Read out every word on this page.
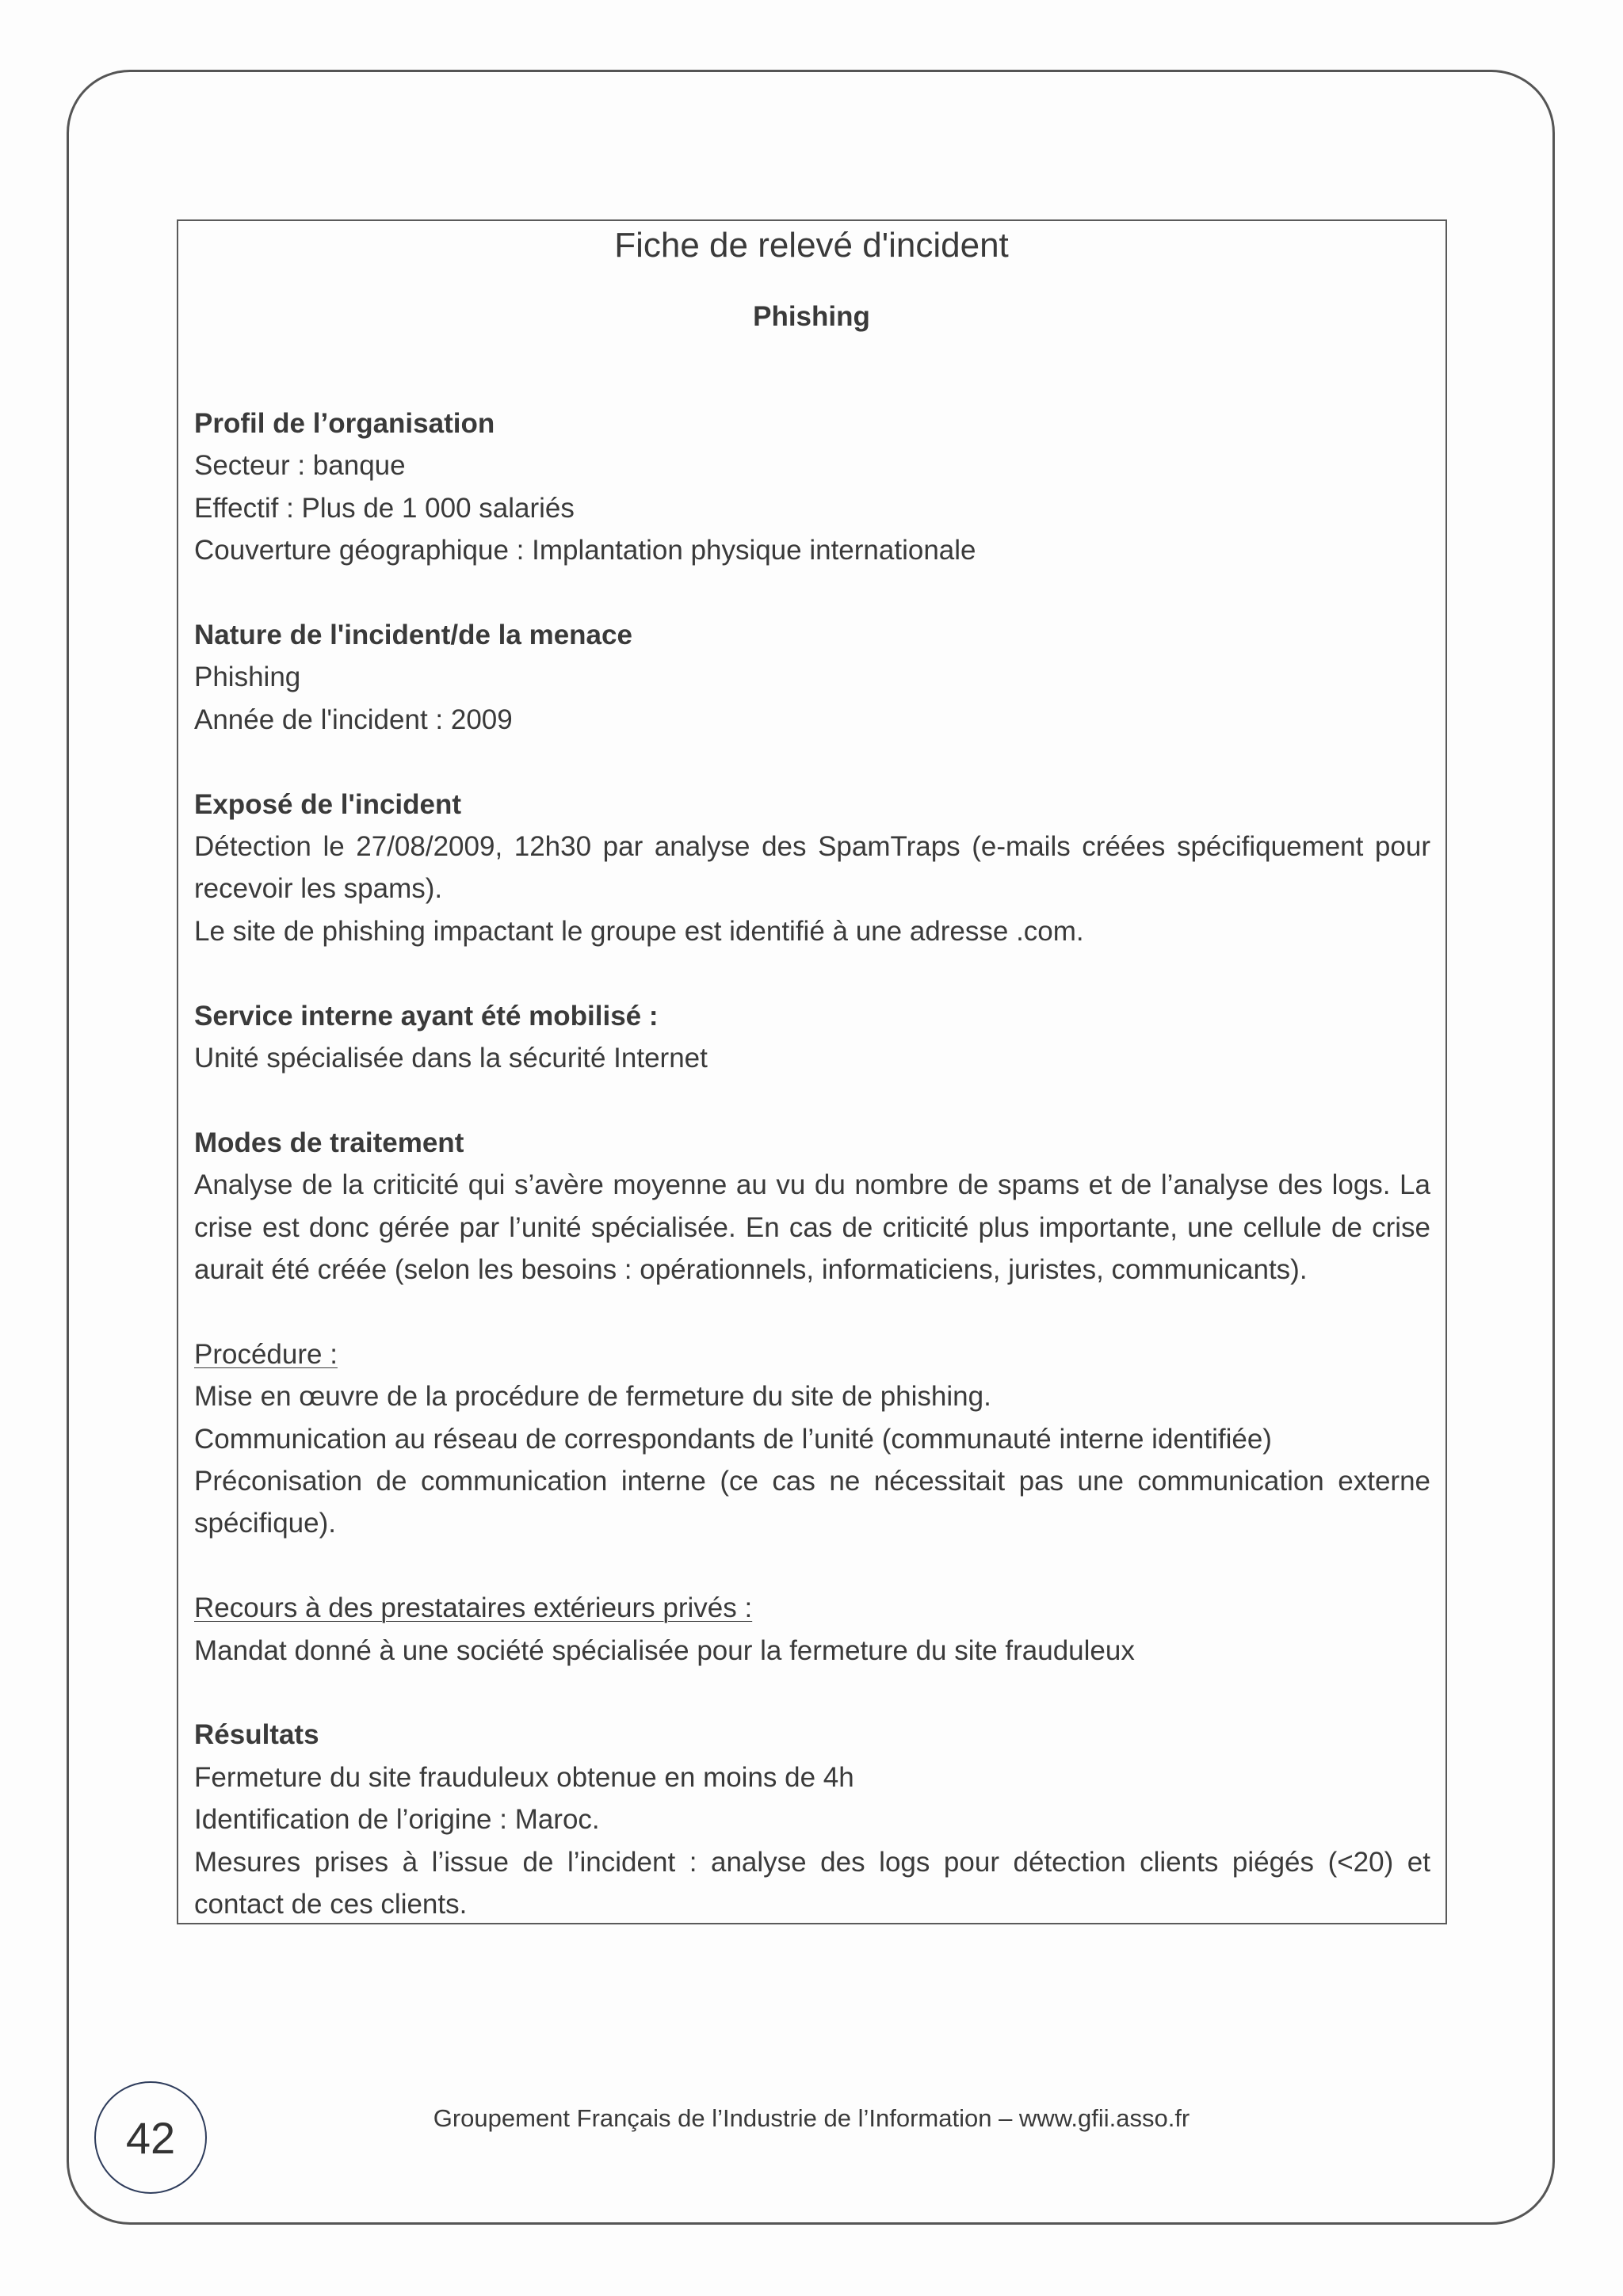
Fiche de relevé d'incident
Phishing

Profil de l’organisation

Secteur : banque

Effectif : Plus de 1 000 salariés

Couverture géographique : Implantation physique internationale

Nature de l'incident/de la menace

Phishing

Année de l'incident : 2009

Exposé de l'incident

Détection le 27/08/2009, 12h30 par analyse des SpamTraps (e-mails créées spécifiquement pour recevoir les spams).

Le site de phishing impactant le groupe est identifié à une adresse .com.

Service interne ayant été mobilisé :

Unité spécialisée dans la sécurité Internet

Modes de traitement

Analyse de la criticité qui s’avère moyenne au vu du nombre de spams et de l’analyse des logs. La crise est donc gérée par l’unité spécialisée. En cas de criticité plus importante, une cellule de crise aurait été créée (selon les besoins : opérationnels, informaticiens, juristes, communicants).

Procédure :

Mise en œuvre de la procédure de fermeture du site de phishing.

Communication au réseau de correspondants de l’unité (communauté interne identifiée)

Préconisation de communication interne (ce cas ne nécessitait pas une communication externe spécifique).

Recours à des prestataires extérieurs privés :

Mandat donné à une société spécialisée pour la fermeture du site frauduleux

Résultats

Fermeture du site frauduleux obtenue en moins de 4h

Identification de l’origine : Maroc.

Mesures prises à l’issue de l’incident : analyse des logs pour détection clients piégés (<20) et contact de ces clients.

42	Groupement Français de l’Industrie de l’Information – www.gfii.asso.fr
